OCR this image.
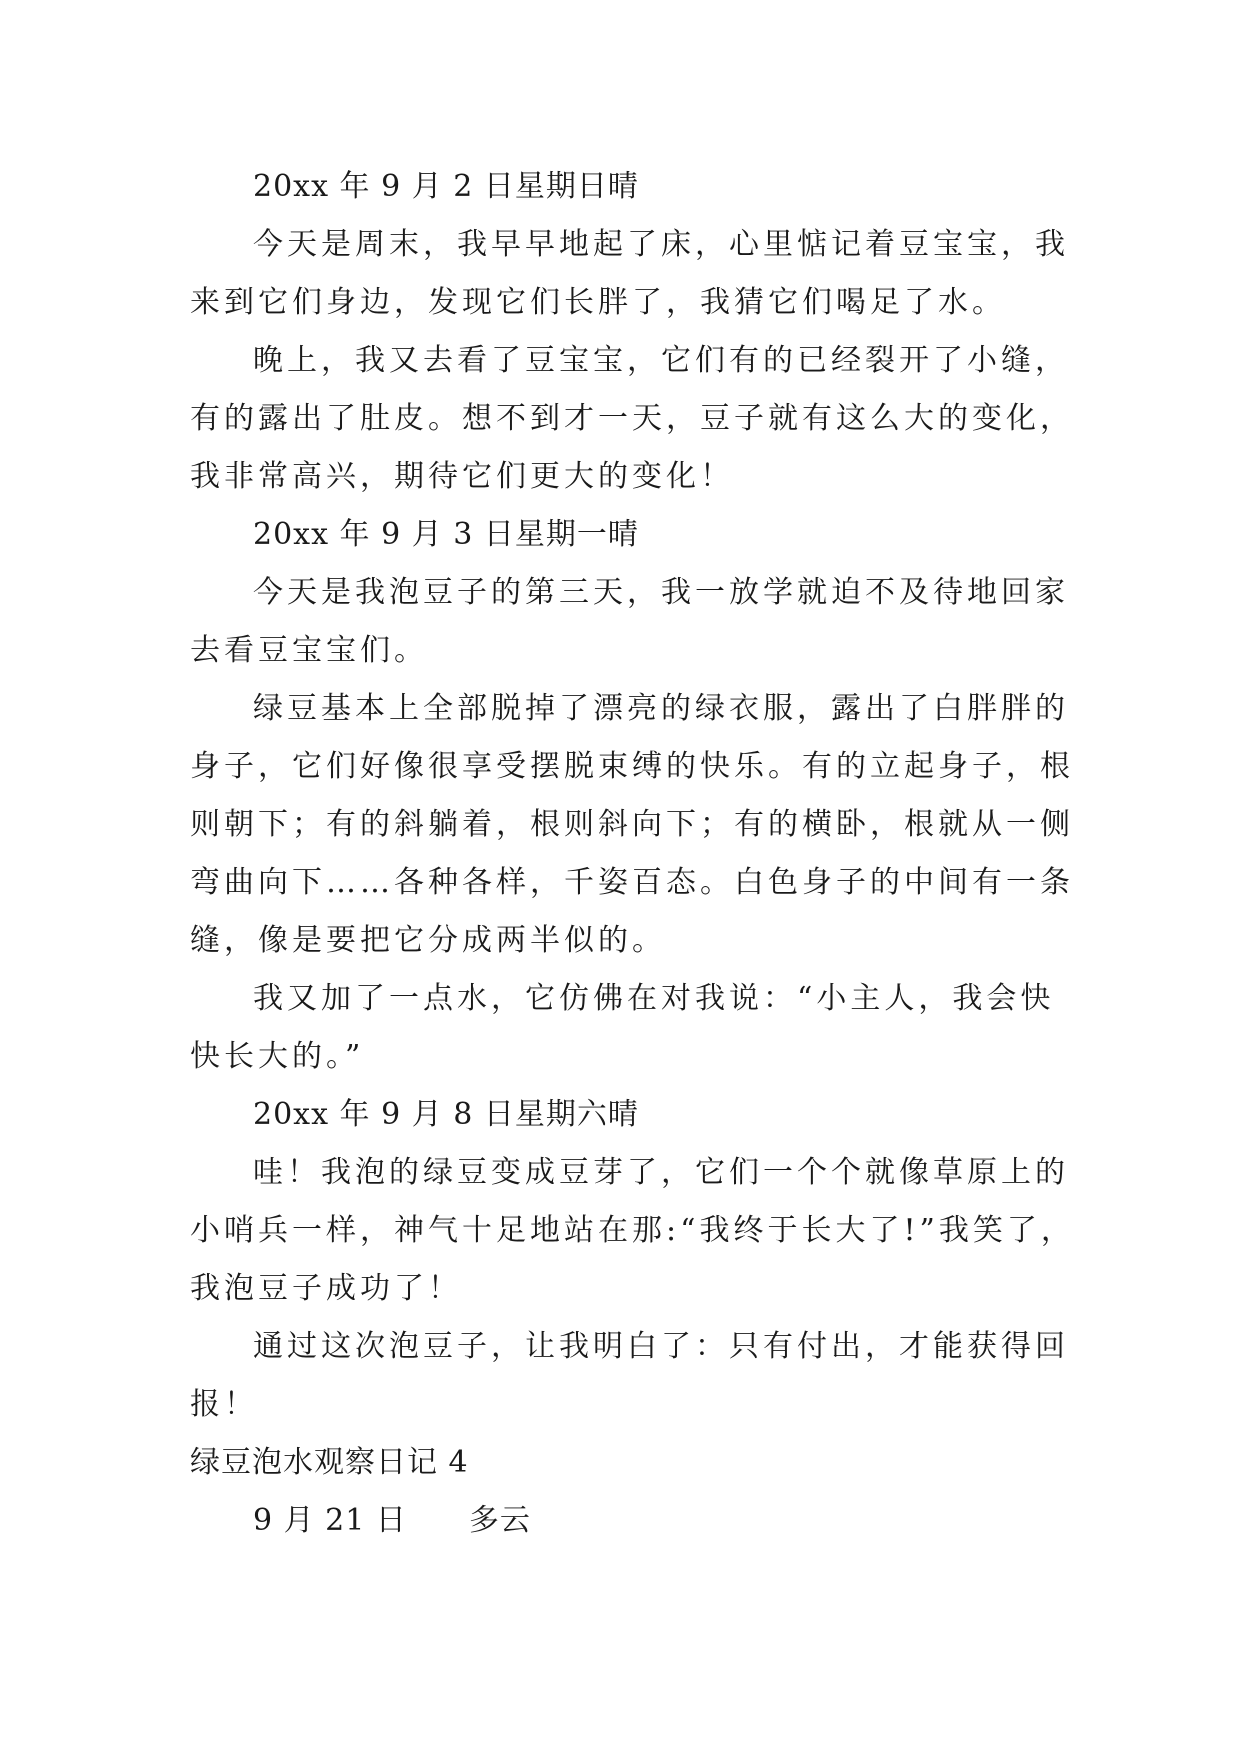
20xx 年 9 月 2 日星期日晴
今天是周末，我早早地起了床，心里惦记着豆宝宝，我
来到它们身边，发现它们长胖了，我猜它们喝足了水。
晚上，我又去看了豆宝宝，它们有的已经裂开了小缝，
有的露出了肚皮。想不到才一天，豆子就有这么大的变化，
我非常高兴，期待它们更大的变化！
20xx 年 9 月 3 日星期一晴
今天是我泡豆子的第三天，我一放学就迫不及待地回家
去看豆宝宝们。
绿豆基本上全部脱掉了漂亮的绿衣服，露出了白胖胖的
身子，它们好像很享受摆脱束缚的快乐。有的立起身子，根
则朝下；有的斜躺着，根则斜向下；有的横卧，根就从一侧
弯曲向下……各种各样，千姿百态。白色身子的中间有一条
缝，像是要把它分成两半似的。
我又加了一点水，它仿佛在对我说：“小主人，我会快
快长大的。”
20xx 年 9 月 8 日星期六晴
哇！我泡的绿豆变成豆芽了，它们一个个就像草原上的
小哨兵一样，神气十足地站在那:“我终于长大了!”我笑了，
我泡豆子成功了！
通过这次泡豆子，让我明白了：只有付出，才能获得回
报！
绿豆泡水观察日记 4
9 月 21 日　　多云
